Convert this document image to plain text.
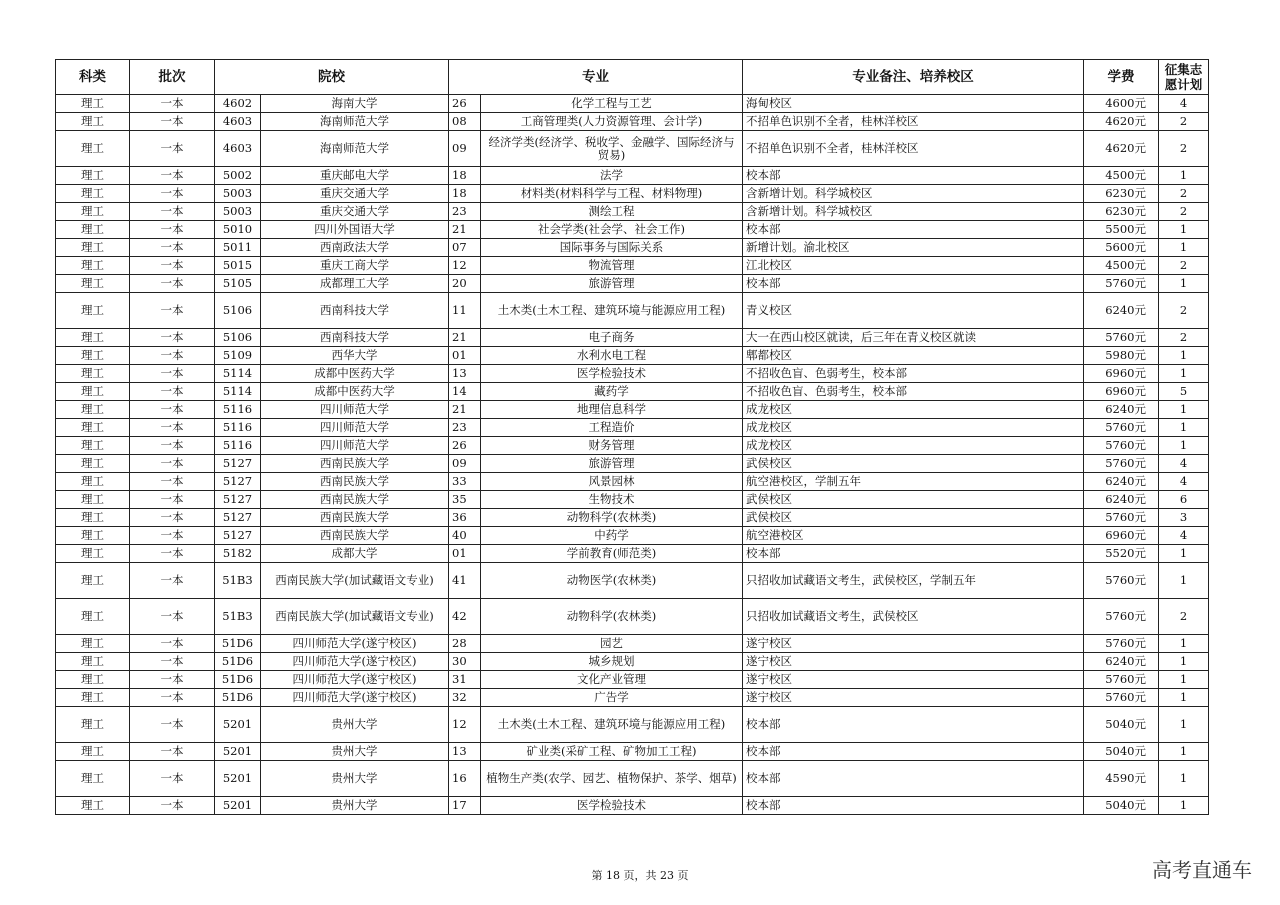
科类	批次	院校		专业		专业备注、培养校区	学费	征集志愿计划
理工	一本	4602	海南大学	26	化学工程与工艺	海甸校区	4600元	4
理工	一本	4603	海南师范大学	08	工商管理类(人力资源管理、会计学)	不招单色识别不全者，桂林洋校区	4620元	2
理工	一本	4603	海南师范大学	09	经济学类(经济学、税收学、金融学、国际经济与贸易)	不招单色识别不全者，桂林洋校区	4620元	2
理工	一本	5002	重庆邮电大学	18	法学	校本部	4500元	1
理工	一本	5003	重庆交通大学	18	材料类(材料科学与工程、材料物理)	含新增计划。科学城校区	6230元	2
理工	一本	5003	重庆交通大学	23	测绘工程	含新增计划。科学城校区	6230元	2
理工	一本	5010	四川外国语大学	21	社会学类(社会学、社会工作)	校本部	5500元	1
理工	一本	5011	西南政法大学	07	国际事务与国际关系	新增计划。渝北校区	5600元	1
理工	一本	5015	重庆工商大学	12	物流管理	江北校区	4500元	2
理工	一本	5105	成都理工大学	20	旅游管理	校本部	5760元	1
理工	一本	5106	西南科技大学	11	土木类(土木工程、建筑环境与能源应用工程)	青义校区	6240元	2
理工	一本	5106	西南科技大学	21	电子商务	大一在西山校区就读，后三年在青义校区就读	5760元	2
理工	一本	5109	西华大学	01	水利水电工程	郫都校区	5980元	1
理工	一本	5114	成都中医药大学	13	医学检验技术	不招收色盲、色弱考生，校本部	6960元	1
理工	一本	5114	成都中医药大学	14	藏药学	不招收色盲、色弱考生，校本部	6960元	5
理工	一本	5116	四川师范大学	21	地理信息科学	成龙校区	6240元	1
理工	一本	5116	四川师范大学	23	工程造价	成龙校区	5760元	1
理工	一本	5116	四川师范大学	26	财务管理	成龙校区	5760元	1
理工	一本	5127	西南民族大学	09	旅游管理	武侯校区	5760元	4
理工	一本	5127	西南民族大学	33	风景园林	航空港校区，学制五年	6240元	4
理工	一本	5127	西南民族大学	35	生物技术	武侯校区	6240元	6
理工	一本	5127	西南民族大学	36	动物科学(农林类)	武侯校区	5760元	3
理工	一本	5127	西南民族大学	40	中药学	航空港校区	6960元	4
理工	一本	5182	成都大学	01	学前教育(师范类)	校本部	5520元	1
理工	一本	51B3	西南民族大学(加试藏语文专业)	41	动物医学(农林类)	只招收加试藏语文考生，武侯校区，学制五年	5760元	1
理工	一本	51B3	西南民族大学(加试藏语文专业)	42	动物科学(农林类)	只招收加试藏语文考生，武侯校区	5760元	2
理工	一本	51D6	四川师范大学(遂宁校区)	28	园艺	遂宁校区	5760元	1
理工	一本	51D6	四川师范大学(遂宁校区)	30	城乡规划	遂宁校区	6240元	1
理工	一本	51D6	四川师范大学(遂宁校区)	31	文化产业管理	遂宁校区	5760元	1
理工	一本	51D6	四川师范大学(遂宁校区)	32	广告学	遂宁校区	5760元	1
理工	一本	5201	贵州大学	12	土木类(土木工程、建筑环境与能源应用工程)	校本部	5040元	1
理工	一本	5201	贵州大学	13	矿业类(采矿工程、矿物加工工程)	校本部	5040元	1
理工	一本	5201	贵州大学	16	植物生产类(农学、园艺、植物保护、茶学、烟草)	校本部	4590元	1
理工	一本	5201	贵州大学	17	医学检验技术	校本部	5040元	1
第 18 页，共 23 页	高考直通车
